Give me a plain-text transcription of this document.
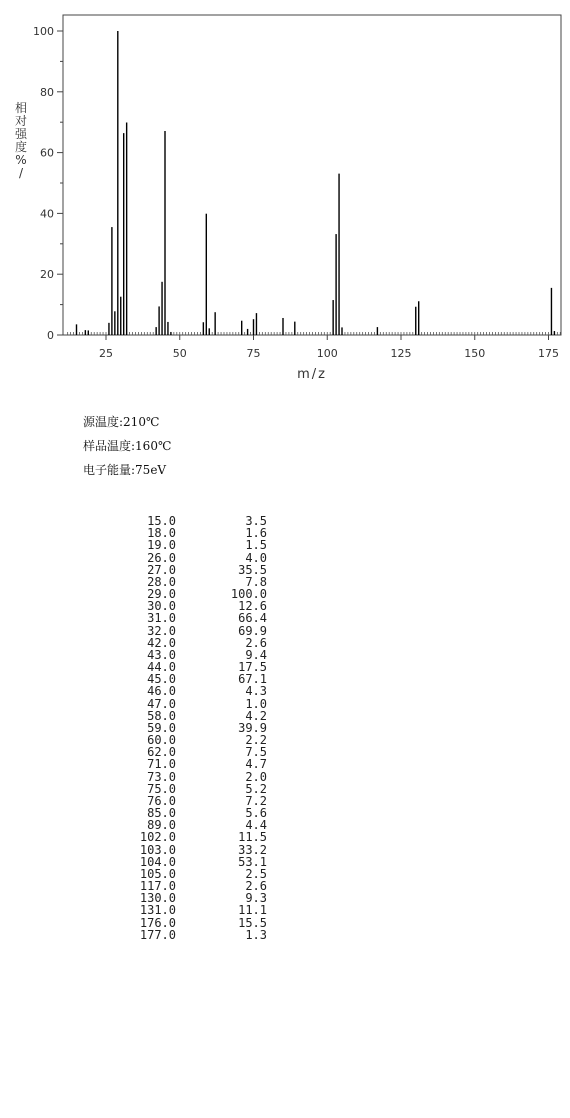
25	50	75	100	125	150	175
0
20
40
60
80
100
m/z
相对强度% /
源温度:210℃
样品温度:160℃
电子能量:75eV
15.0	3.5
18.0	1.6
19.0	1.5
26.0	4.0
27.0	35.5
28.0	7.8
29.0	100.0
30.0	12.6
31.0	66.4
32.0	69.9
42.0	2.6
43.0	9.4
44.0	17.5
45.0	67.1
46.0	4.3
47.0	1.0
58.0	4.2
59.0	39.9
60.0	2.2
62.0	7.5
71.0	4.7
73.0	2.0
75.0	5.2
76.0	7.2
85.0	5.6
89.0	4.4
102.0	11.5
103.0	33.2
104.0	53.1
105.0	2.5
117.0	2.6
130.0	9.3
131.0	11.1
176.0	15.5
177.0	1.3
